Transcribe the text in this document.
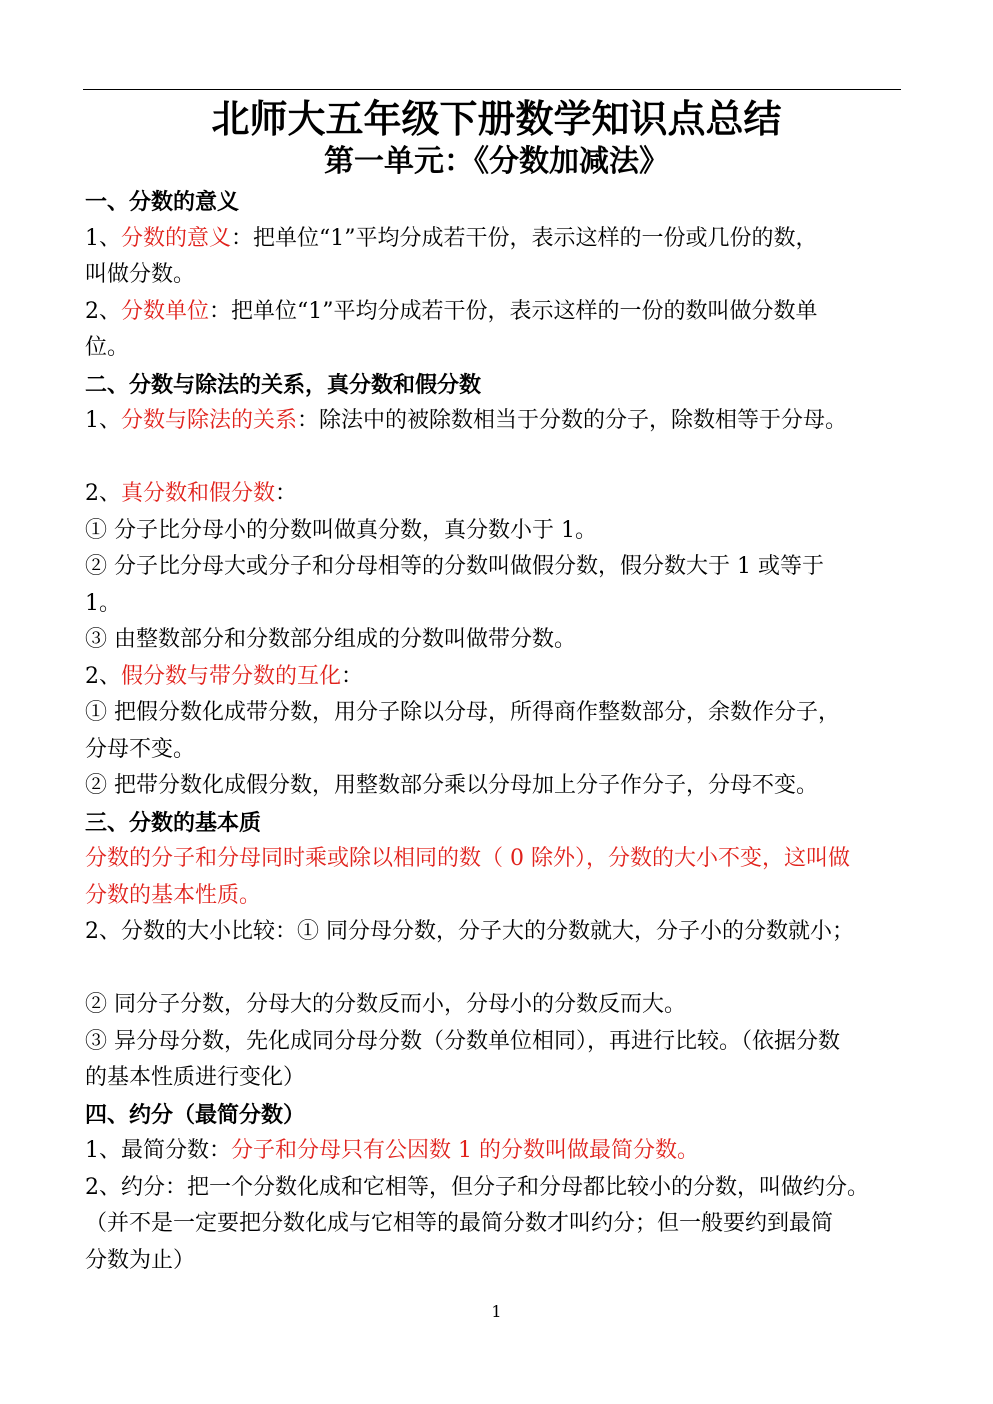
北师大五年级下册数学知识点总结
第一单元：《分数加减法》
一、分数的意义
1、分数的意义：把单位“1”平均分成若干份，表示这样的一份或几份的数，
叫做分数。
2、分数单位：把单位“1”平均分成若干份，表示这样的一份的数叫做分数单
位。
二、分数与除法的关系，真分数和假分数
1、分数与除法的关系：除法中的被除数相当于分数的分子，除数相等于分母。
2、真分数和假分数：
① 分子比分母小的分数叫做真分数，真分数小于 1。
② 分子比分母大或分子和分母相等的分数叫做假分数，假分数大于 1 或等于
1。
③ 由整数部分和分数部分组成的分数叫做带分数。
2、假分数与带分数的互化：
① 把假分数化成带分数，用分子除以分母，所得商作整数部分，余数作分子，
分母不变。
② 把带分数化成假分数，用整数部分乘以分母加上分子作分子，分母不变。
三、分数的基本质
分数的分子和分母同时乘或除以相同的数（ 0 除外），分数的大小不变，这叫做
分数的基本性质。
2、分数的大小比较：① 同分母分数，分子大的分数就大，分子小的分数就小；
② 同分子分数，分母大的分数反而小，分母小的分数反而大。
③ 异分母分数，先化成同分母分数（分数单位相同），再进行比较。（依据分数
的基本性质进行变化）
四、约分（最简分数）
1、最简分数：分子和分母只有公因数 1 的分数叫做最简分数。
2、约分：把一个分数化成和它相等，但分子和分母都比较小的分数，叫做约分。
（并不是一定要把分数化成与它相等的最简分数才叫约分；但一般要约到最简
分数为止）
1
